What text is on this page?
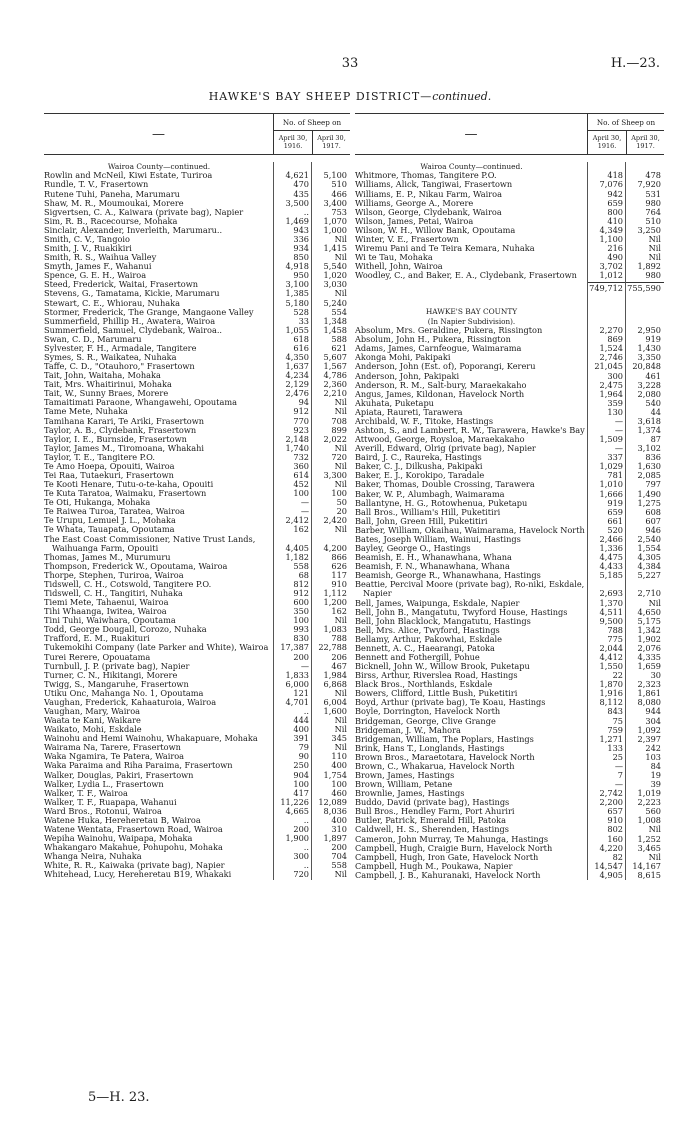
33	H.—23.
HAWKE'S BAY SHEEP DISTRICT—continued.
—
No. of Sheep on
April 30, 1916.
April 30, 1917.
Wairoa County—continued.
Rowlin and McNeil, Kiwi Estate, Turiroa	4,621	5,100
Rundle, T. V., Frasertown	470	510
Rutene Tuhi, Paneha, Marumaru	435	466
Shaw, M. R., Moumoukai, Morere	3,500	3,400
Sigvertsen, C. A., Kaiwara (private bag), Napier	..	753
Sim, R. B., Racecourse, Mohaka	1,469	1,070
Sinclair, Alexander, Inverleith, Marumaru..	943	1,000
Smith, C. V., Tangoio	336	Nil
Smith, J. V., Ruakikiri	934	1,415
Smith, R. S., Waihua Valley	850	Nil
Smyth, James F., Wahanui	4,918	5,540
Spence, G. E. H., Wairoa	950	1,020
Steed, Frederick, Waitai, Frasertown	3,100	3,030
Stevens, G., Tamatama, Kickie, Marumaru	1,385	Nil
Stewart, C. E., Whiorau, Nuhaka	5,180	5,240
Stormer, Frederick, The Grange, Mangaone Valley	528	554
Summerfield, Phillip H., Awatera, Wairoa	33	1,348
Summerfield, Samuel, Clydebank, Wairoa..	1,055	1,458
Swan, C. D., Marumaru	618	588
Sylvester, F. H., Armadale, Tangitere	616	621
Symes, S. R., Waikatea, Nuhaka	4,350	5,607
Taffe, C. D., "Otauhoro," Frasertown	1,637	1,567
Tait, John, Waitaha, Mohaka	4,234	4,786
Tait, Mrs. Whaitirinui, Mohaka	2,129	2,360
Tait, W., Sunny Braes, Morere	2,476	2,210
Tamaitimati Paraone, Whangawehi, Opoutama	94	Nil
Tame Mete, Nuhaka	912	Nil
Tamihana Karari, Te Ariki, Frasertown	770	708
Taylor, A. B., Clydebank, Frasertown	923	899
Taylor, I. E., Burnside, Frasertown	2,148	2,022
Taylor, James M., Tiromoana, Whakahi	1,740	Nil
Taylor, T. E., Tangitere P.O.	732	720
Te Amo Hoepa, Opouiti, Wairoa	360	Nil
Tei Raa, Tutaekuri, Frasertown	614	3,300
Te Kooti Henare, Tutu-o-te-kaha, Opouiti	452	Nil
Te Kuta Taratoa, Waimaku, Frasertown	100	100
Te Oti, Hukanga, Mohaka	—	50
Te Raiwea Turoa, Taratea, Wairoa	—	20
Te Urupu, Lemuel J. L., Mohaka	2,412	2,420
Te Whata, Tauapata, Opoutama	162	Nil
The East Coast Commissioner, Native Trust Lands, Waihuanga Farm, Opouiti	4,405	4,200
Thomas, James M., Murumuru	1,182	866
Thompson, Frederick W., Opoutama, Wairoa	558	626
Thorpe, Stephen, Turiroa, Wairoa	68	117
Tidswell, C. H., Cotswold, Tangitere P.O.	812	910
Tidswell, C. H., Tangitiri, Nuhaka	912	1,112
Tiemi Mete, Tahaenui, Wairoa	600	1,200
Tihi Whaanga, Iwitea, Wairoa	350	162
Tini Tuhi, Waiwhara, Opoutama	100	Nil
Todd, George Dougall, Corozo, Nuhaka	993	1,083
Trafford, E. M., Ruakituri	830	788
Tukemokihi Company (late Parker and White), Wairoa	17,387	22,788
Turei Rerere, Opouatama	200	206
Turnbull, J. P. (private bag), Napier	—	467
Turner, C. N., Hikitangi, Morere	1,833	1,984
Twigg, S., Mangaruhe, Frasertown	6,000	6,868
Utiku Onc, Mahanga No. 1, Opoutama	121	Nil
Vaughan, Frederick, Kahaaturoia, Wairoa	4,701	6,004
Vaughan, Mary, Wairoa	..	1,600
Waata te Kani, Waikare	444	Nil
Waikato, Mohi, Eskdale	400	Nil
Wainohu and Hemi Wainohu, Whakapuare, Mohaka	391	345
Wairama Na, Tarere, Frasertown	79	Nil
Waka Ngamira, Te Patera, Wairoa	90	110
Waka Paraima and Riha Paraima, Frasertown	250	400
Walker, Douglas, Pakiri, Frasertown	904	1,754
Walker, Lydia L., Frasertown	100	100
Walker, T. F., Wairoa	417	460
Walker, T. F., Ruapapa, Wahanui	11,226	12,089
Ward Bros., Rotonui, Wairoa	4,665	8,036
Watene Huka, Hereheretau B, Wairoa	..	400
Watene Wentata, Frasertown Road, Wairoa	200	310
Wepiha Wainohu, Waipapa, Mohaka	1,900	1,897
Whakangaro Makahue, Pohupohu, Mohaka	..	200
Whanga Neira, Nuhaka	300	704
White, R. R., Kaiwaka (private bag), Napier	..	558
Whitehead, Lucy, Hereheretau B19, Whakaki	720	Nil
—
No. of Sheep on
April 30, 1916.
April 30, 1917.
Wairoa County—continued.
Whitmore, Thomas, Tangitere P.O.	418	478
Williams, Alick, Tangiwai, Frasertown	7,076	7,920
Williams, E. P., Nikau Farm, Wairoa	942	531
Williams, George A., Morere	659	980
Wilson, George, Clydebank, Wairoa	800	764
Wilson, James, Petai, Wairoa	410	510
Wilson, W. H., Willow Bank, Opoutama	4,349	3,250
Winter, V. E., Frasertown	1,100	Nil
Wiremu Pani and Te Teira Kemara, Nuhaka	216	Nil
Wi te Tau, Mohaka	490	Nil
Withell, John, Wairoa	3,702	1,892
Woodley, C., and Baker, E. A., Clydebank, Frasertown	1,012	980
749,712 755,590
HAWKE'S BAY COUNTY
(In Napier Subdivision).
Absolum, Mrs. Geraldine, Pukera, Rissington	2,270	2,950
Absolum, John H., Pukera, Rissington	869	919
Adams, James, Carnfeogue, Waimarama	1,524	1,430
Akonga Mohi, Pakipaki	2,746	3,350
Anderson, John (Est. of), Poporangi, Kereru	21,045	20,848
Anderson, John, Pakipaki	300	461
Anderson, R. M., Salt-bury, Maraekakaho	2,475	3,228
Angus, James, Kildonan, Havelock North	1,964	2,080
Akuhata, Puketapu	359	540
Apiata, Raureti, Tarawera	130	44
Archibald, W. F., Titoke, Hastings	—	3,618
Ashton, S., and Lambert, R. W., Tarawera, Hawke's Bay	—	1,374
Attwood, George, Roysloa, Maraekakaho	1,509	87
Averill, Edward, Olrig (private bag), Napier	—	3,102
Baird, J. C., Raureka, Hastings	337	836
Baker, C. J., Dilkusha, Pakipaki	1,029	1,630
Baker, E. J., Korokipo, Taradale	781	2,085
Baker, Thomas, Double Crossing, Tarawera	1,010	797
Baker, W. P., Alumbagh, Waimarama	1,666	1,490
Ballantyne, H. G., Rotowhenua, Puketapu	919	1,275
Ball Bros., William's Hill, Puketitiri	659	608
Ball, John, Green Hill, Puketitiri	661	607
Barber, William, Okaihau, Waimarama, Havelock North	520	946
Bates, Joseph William, Wainui, Hastings	2,466	2,540
Bayley, George O., Hastings	1,336	1,554
Beamish, E. H., Whanawhana, Whana	4,475	4,305
Beamish, F. N., Whanawhana, Whana	4,433	4,384
Beamish, George R., Whanawhana, Hastings	5,185	5,227
Beattie, Percival Moore (private bag), Ro-niki, Eskdale, Napier	2,693	2,710
Bell, James, Waipunga, Eskdale, Napier	1,370	Nil
Bell, John B., Mangatutu, Twyford House, Hastings	4,511	4,650
Bell, John Blacklock, Mangatutu, Hastings	9,500	5,175
Bell, Mrs. Alice, Twyford, Hastings	788	1,342
Bellamy, Arthur, Pakowhai, Eskdale	775	1,902
Bennett, A. C., Haearangi, Patoka	2,044	2,076
Bennett and Fothergill, Pohue	4,412	4,335
Bicknell, John W., Willow Brook, Puketapu	1,550	1,659
Birss, Arthur, Riverslea Road, Hastings	22	30
Black Bros., Northlands, Eskdale	1,870	2,323
Bowers, Clifford, Little Bush, Puketitiri	1,916	1,861
Boyd, Arthur (private bag), Te Koau, Hastings	8,112	8,080
Boyle, Dorrington, Havelock North	843	944
Bridgeman, George, Clive Grange	75	304
Bridgeman, J. W., Mahora	759	1,092
Bridgeman, William, The Poplars, Hastings	1,271	2,397
Brink, Hans T., Longlands, Hastings	133	242
Brown Bros., Maraetotara, Havelock North	25	103
Brown, C., Whakarua, Havelock North	—	84
Brown, James, Hastings	7	19
Brown, William, Petane	—	39
Brownlie, James, Hastings	2,742	1,019
Buddo, David (private bag), Hastings	2,200	2,223
Bull Bros., Hendley Farm, Port Ahuriri	657	560
Butler, Patrick, Emerald Hill, Patoka	910	1,008
Caldwell, H. S., Sherenden, Hastings	802	Nil
Cameron, John Murray, Te Mahunga, Hastings	160	1,252
Campbell, Hugh, Craigie Burn, Havelock North	4,220	3,465
Campbell, Hugh, Iron Gate, Havelock North	82	Nil
Campbell, Hugh M., Poukawa, Napier	14,547	14,167
Campbell, J. B., Kahuranaki, Havelock North	4,905	8,615
5—H. 23.
